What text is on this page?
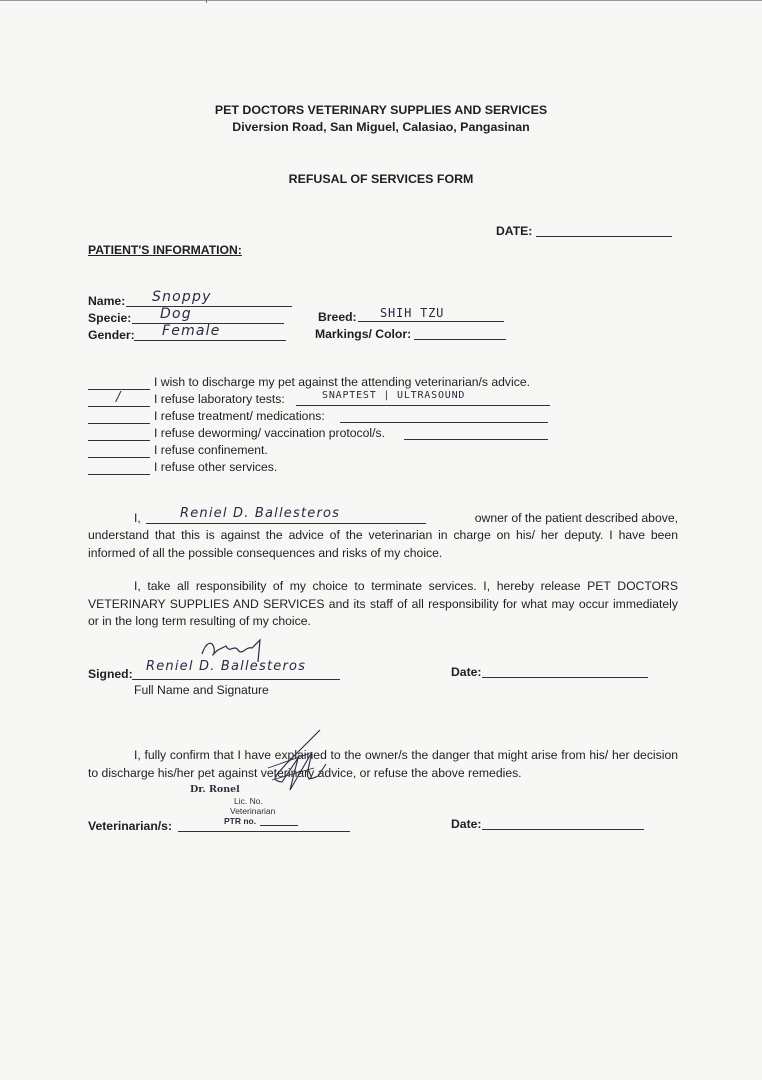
PET DOCTORS VETERINARY SUPPLIES AND SERVICES
Diversion Road, San Miguel, Calasiao, Pangasinan
REFUSAL OF SERVICES FORM
DATE:
PATIENT'S INFORMATION:
Name: Snoppy
Specie: Dog
Gender: Female
Breed: SHIH TZU
Markings/ Color:
I wish to discharge my pet against the attending veterinarian/s advice.
/	I refuse laboratory tests:	SNAPTEST | ULTRASOUND
I refuse treatment/ medications:
I refuse deworming/ vaccination protocol/s.
I refuse confinement.
I refuse other services.
I,	Reniel D. Ballesteros	owner of the patient described above,
understand that this is against the advice of the veterinarian in charge on his/ her deputy. I have been informed of all the possible consequences and risks of my choice.
I, take all responsibility of my choice to terminate services. I, hereby release PET DOCTORS VETERINARY SUPPLIES AND SERVICES and its staff of all responsibility for what may occur immediately or in the long term resulting of my choice.
Signed: Reniel D. Ballesteros
Full Name and Signature
Date:
I, fully confirm that I have explained to the owner/s the danger that might arise from his/ her decision to discharge his/her pet against veterinary advice, or refuse the above remedies.
Dr. Ronel
Lic. No.
Veterinarian
PTR no.
Veterinarian/s:	Date:
